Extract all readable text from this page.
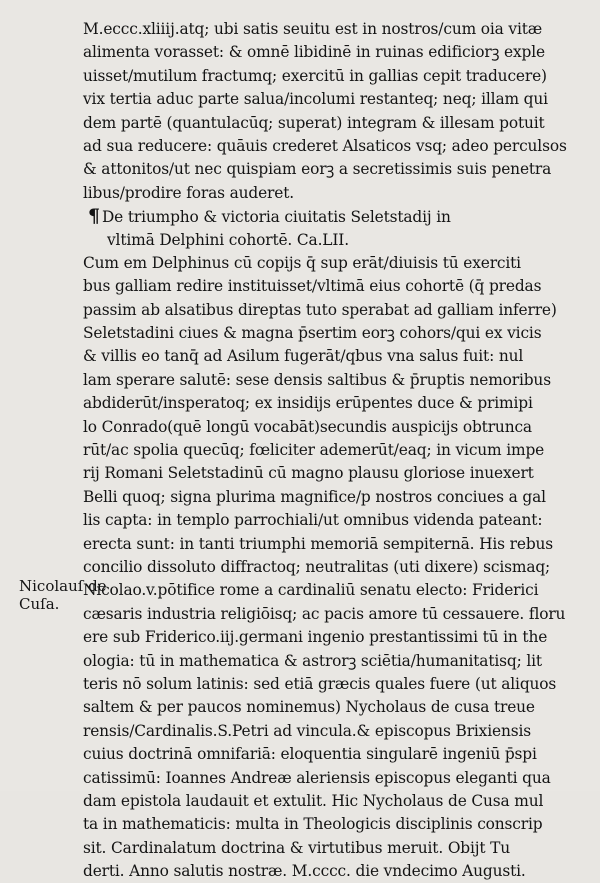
M.eccc.xliiij.atq; ubi satis seuitu est in nostros/cum oia vitæ
alimenta vorasset: & omnē libidinē in ruinas edificiorꝫ exple
uisset/mutilum fractumq; exercitū in gallias cepit traducere)
vix tertia aduc parte salua/incolumi restanteq; neq; illam qui
dem partē (quantulacūq; superat) integram & illesam potuit
ad sua reducere: quāuis crederet Alsaticos vsq; adeo perculsos
& attonitos/ut nec quispiam eorꝫ a secretissimis suis penetra
libus/prodire foras auderet.
¶ De triumpho & victoria ciuitatis Seletstadij in
vltimā Delphini cohortē. Ca.LII.
Cum em Delphinus cū copijs q̄ sup erāt/diuisis tū exerciti
bus galliam redire instituisset/vltimā eius cohortē (q̄ predas
passim ab alsatibus direptas tuto sperabat ad galliam inferre)
Seletstadini ciues & magna p̄sertim eorꝫ cohors/qui ex vicis
& villis eo tanq̄ ad Asilum fugerāt/qbus vna salus fuit: nul
lam sperare salutē: sese densis saltibus & p̄ruptis nemoribus
abdiderūt/insperatoq; ex insidijs erūpentes duce & primipi
lo Conrado(quē longū vocabāt)secundis auspicijs obtrunca
rūt/ac spolia quecūq; fœliciter ademerūt/eaq; in vicum impe
rij Romani Seletstadinū cū magno plausu gloriose inuexert
Belli quoq; signa plurima magnifice/p nostros conciues a gal
lis capta: in templo parrochiali/ut omnibus videnda pateant:
erecta sunt: in tanti triumphi memoriā sempiternā. His rebus
concilio dissoluto diffractoq; neutralitas (uti dixere) scismaq;
Nicolao.v.pōtifice rome a cardinaliū senatu electo: Friderici
cæsaris industria religiōisq; ac pacis amore tū cessauere. floru
ere sub Friderico.iij.germani ingenio prestantissimi tū in the
ologia: tū in mathematica & astrorꝫ sciētia/humanitatisq; lit
teris nō solum latinis: sed etiā græcis quales fuere (ut aliquos
saltem & per paucos nominemus) Nycholaus de cusa treue
rensis/Cardinalis.S.Petri ad vincula.& episcopus Brixiensis
cuius doctrinā omnifariā: eloquentia singularē ingeniū p̄spi
catissimū: Ioannes Andreæ aleriensis episcopus eleganti qua
dam epistola laudauit et extulit. Hic Nycholaus de Cusa mul
ta in mathematicis: multa in Theologicis disciplinis conscrip
sit. Cardinalatum doctrina & virtutibus meruit. Obijt Tu
derti. Anno salutis nostræ. M.cccc. die vndecimo Augusti.
Nicolauſ de
Cuſa.
